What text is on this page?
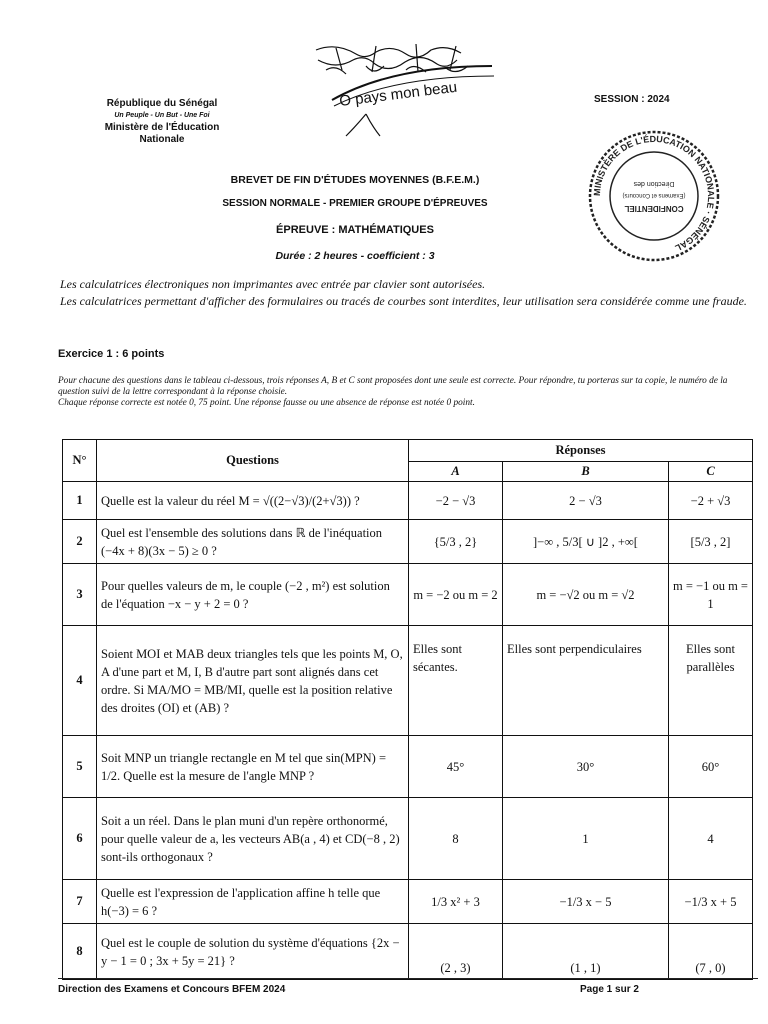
République du Sénégal
Un Peuple - Un But - Une Foi
Ministère de l'Éducation
Nationale
O pays mon beau	SESSION : 2024
MINISTÈRE DE L'ÉDUCATION NATIONALE · SÉNÉGAL
CONFIDENTIEL
(Examens et Concours)
Direction des
BREVET DE FIN D'ÉTUDES MOYENNES (B.F.E.M.)
SESSION NORMALE - PREMIER GROUPE D'ÉPREUVES
ÉPREUVE : MATHÉMATIQUES
Durée : 2 heures - coefficient : 3
Les calculatrices électroniques non imprimantes avec entrée par clavier sont autorisées.
Les calculatrices permettant d'afficher des formulaires ou tracés de courbes sont interdites, leur utilisation sera considérée comme une fraude.
Exercice 1 : 6 points
Pour chacune des questions dans le tableau ci-dessous, trois réponses A, B et C sont proposées dont une seule est correcte. Pour répondre, tu porteras sur ta copie, le numéro de la question suivi de la lettre correspondant à la réponse choisie.
Chaque réponse correcte est notée 0, 75 point. Une réponse fausse ou une absence de réponse est notée 0 point.
N°	Questions	Réponses		
		A	B	C
1	Quelle est la valeur du réel M = √((2−√3)/(2+√3)) ?	−2 − √3	2 − √3	−2 + √3
2	Quel est l'ensemble des solutions dans ℝ de l'inéquation (−4x + 8)(3x − 5) ≥ 0 ?	{5/3 , 2}	]−∞ , 5/3[ ∪ ]2 , +∞[	[5/3 , 2]
3	Pour quelles valeurs de m, le couple (−2 , m²) est solution de l'équation −x − y + 2 = 0 ?	m = −2 ou m = 2	m = −√2 ou m = √2	m = −1 ou m = 1
4	Soient MOI et MAB deux triangles tels que les points M, O, A d'une part et M, I, B d'autre part sont alignés dans cet ordre. Si MA/MO = MB/MI, quelle est la position relative des droites (OI) et (AB) ?	Elles sont sécantes.	Elles sont perpendiculaires	Elles sont parallèles
5	Soit MNP un triangle rectangle en M tel que sin(MPN) = 1/2. Quelle est la mesure de l'angle MNP ?	45°	30°	60°
6	Soit a un réel. Dans le plan muni d'un repère orthonormé, pour quelle valeur de a, les vecteurs AB(a , 4) et CD(−8 , 2) sont-ils orthogonaux ?	8	1	4
7	Quelle est l'expression de l'application affine h telle que h(−3) = 6 ?	1/3 x² + 3	−1/3 x − 5	−1/3 x + 5
8	Quel est le couple de solution du système d'équations {2x − y − 1 = 0 ; 3x + 5y = 21} ?	(2 , 3)	(1 , 1)	(7 , 0)
Direction des Examens et Concours BFEM 2024	Page 1 sur 2
